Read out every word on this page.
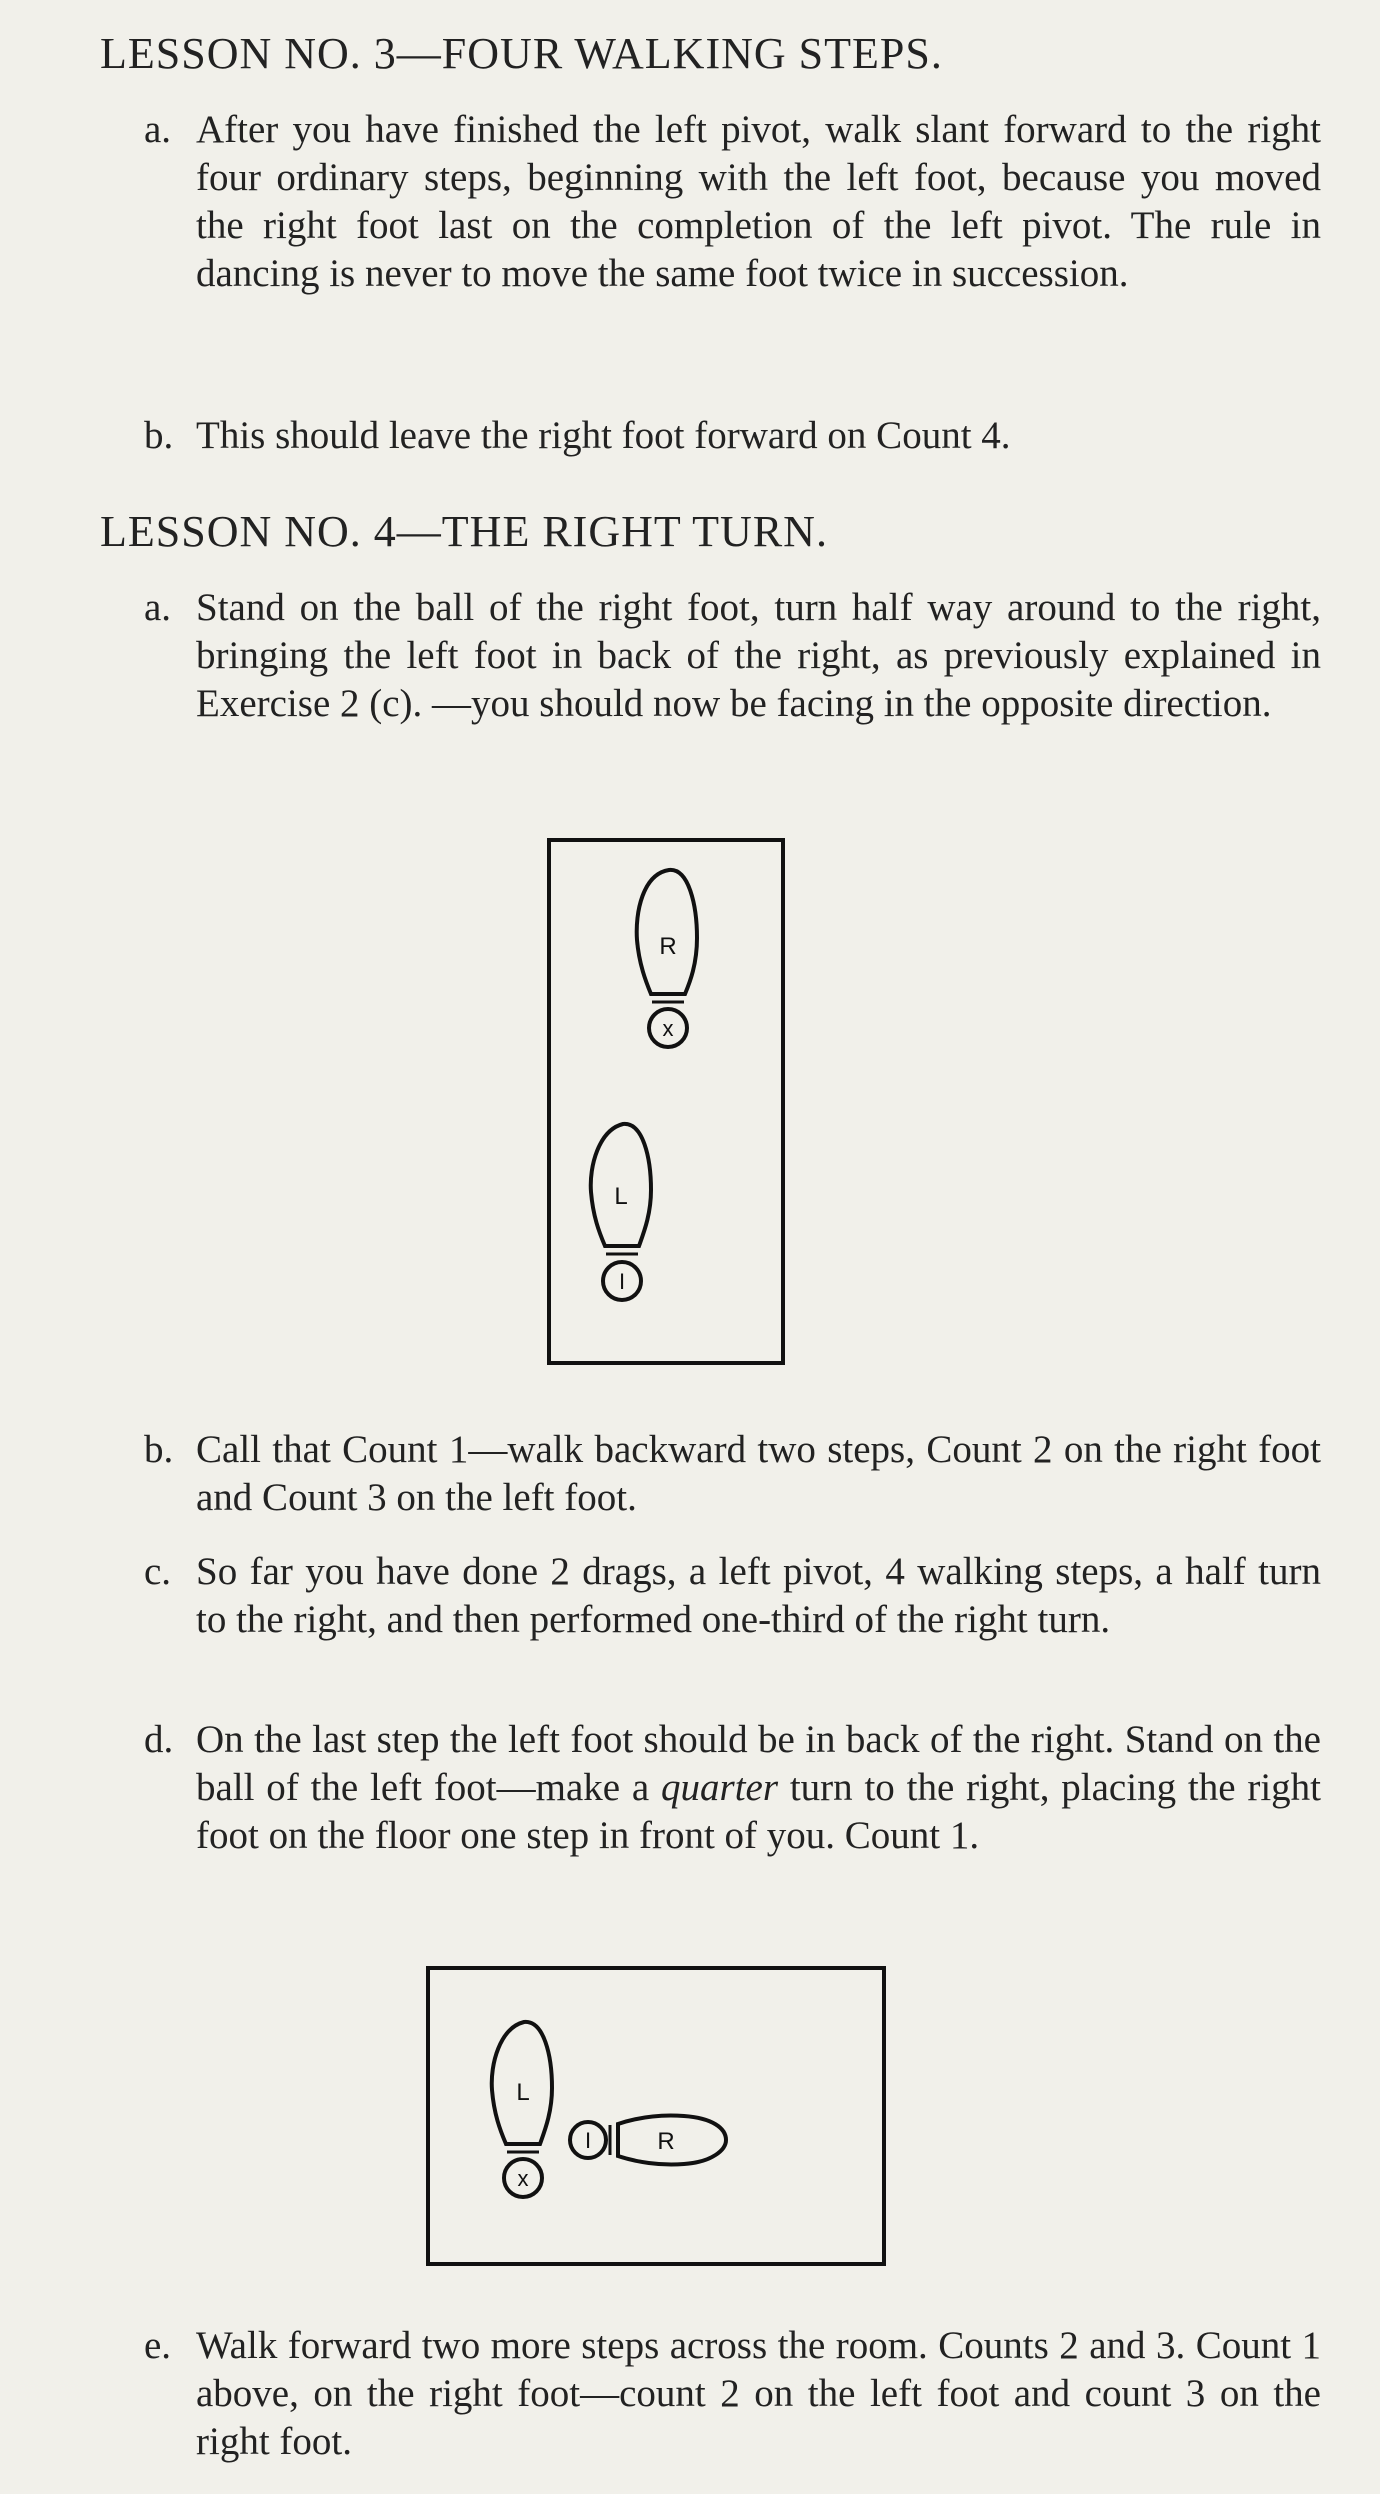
LESSON NO. 3—FOUR WALKING STEPS.

a. After you have finished the left pivot, walk slant forward to the right four ordinary steps, beginning with the left foot, because you moved the right foot last on the completion of the left pivot. The rule in dancing is never to move the same foot twice in succession.

b. This should leave the right foot forward on Count 4.

LESSON NO. 4—THE RIGHT TURN.

a. Stand on the ball of the right foot, turn half way around to the right, bringing the left foot in back of the right, as previously explained in Exercise 2 (c). —you should now be facing in the opposite direction.

R
x
L
I

b. Call that Count 1—walk backward two steps, Count 2 on the right foot and Count 3 on the left foot.

c. So far you have done 2 drags, a left pivot, 4 walking steps, a half turn to the right, and then performed one-third of the right turn.

d. On the last step the left foot should be in back of the right. Stand on the ball of the left foot—make a quarter turn to the right, placing the right foot on the floor one step in front of you. Count 1.

L
x
R
I

e. Walk forward two more steps across the room. Counts 2 and 3. Count 1 above, on the right foot—count 2 on the left foot and count 3 on the right foot.
